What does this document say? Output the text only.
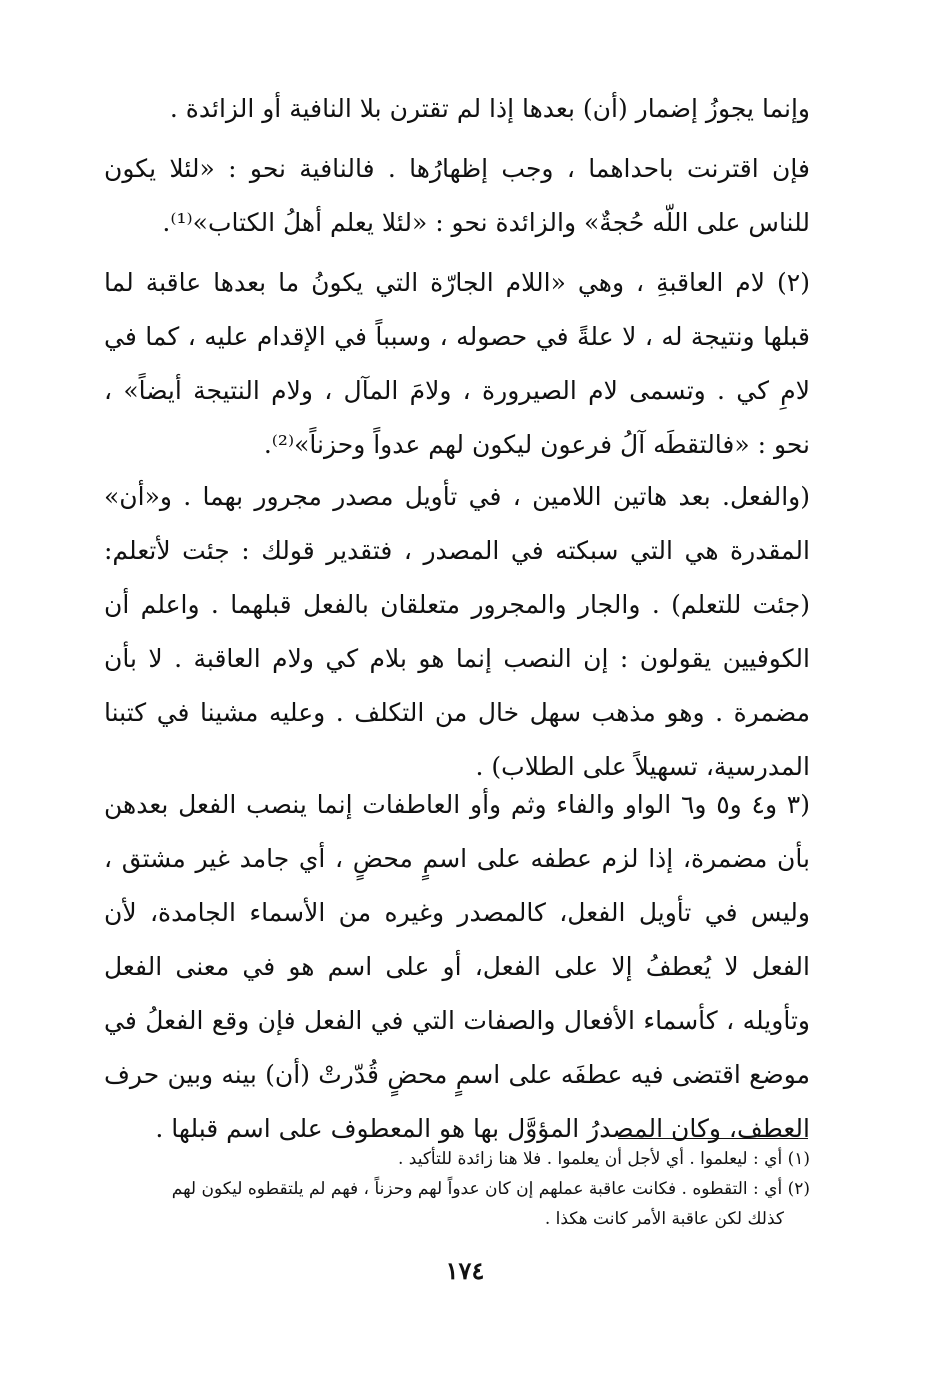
وإنما يجوزُ إضمار (أن) بعدها إذا لم تقترن بلا النافية أو الزائدة .

فإن اقترنت باحداهما ، وجب إظهارُها . فالنافية نحو : «لئلا يكون للناس على اللّه حُجةٌ» والزائدة نحو : «لئلا يعلم أهلُ الكتاب»⁽¹⁾.

(٢) لام العاقبةِ ، وهي «اللام الجارّة التي يكونُ ما بعدها عاقبة لما قبلها ونتيجة له ، لا علةً في حصوله ، وسبباً في الإقدام عليه ، كما في لامِ كي . وتسمى لام الصيرورة ، ولامَ المآل ، ولام النتيجة أيضاً» ، نحو : «فالتقطَه آلُ فرعون ليكون لهم عدواً وحزناً»⁽²⁾.

(والفعل. بعد هاتين اللامين ، في تأويل مصدر مجرور بهما . و«أن» المقدرة هي التي سبكته في المصدر ، فتقدير قولك : جئت لأتعلم: (جئت للتعلم) . والجار والمجرور متعلقان بالفعل قبلهما . واعلم أن الكوفيين يقولون : إن النصب إنما هو بلام كي ولام العاقبة . لا بأن مضمرة . وهو مذهب سهل خال من التكلف . وعليه مشينا في كتبنا المدرسية، تسهيلاً على الطلاب) .

(٣ و٤ و٥ و٦ الواو والفاء وثم وأو العاطفات إنما ينصب الفعل بعدهن بأن مضمرة، إذا لزم عطفه على اسمٍ محضٍ ، أي جامد غير مشتق ، وليس في تأويل الفعل، كالمصدر وغيره من الأسماء الجامدة، لأن الفعل لا يُعطفُ إلا على الفعل، أو على اسم هو في معنى الفعل وتأويله ، كأسماء الأفعال والصفات التي في الفعل فإن وقع الفعلُ في موضع اقتضى فيه عطفَه على اسمٍ محضٍ قُدّرتْ (أن) بينه وبين حرف العطف، وكان المصدرُ المؤوَّل بها هو المعطوف على اسم قبلها .

(١) أي : ليعلموا . أي لأجل أن يعلموا . فلا هنا زائدة للتأكيد .

(٢) أي : التقطوه . فكانت عاقبة عملهم إن كان عدواً لهم وحزناً ، فهم لم يلتقطوه ليكون لهم

كذلك لكن عاقبة الأمر كانت هكذا .

١٧٤
